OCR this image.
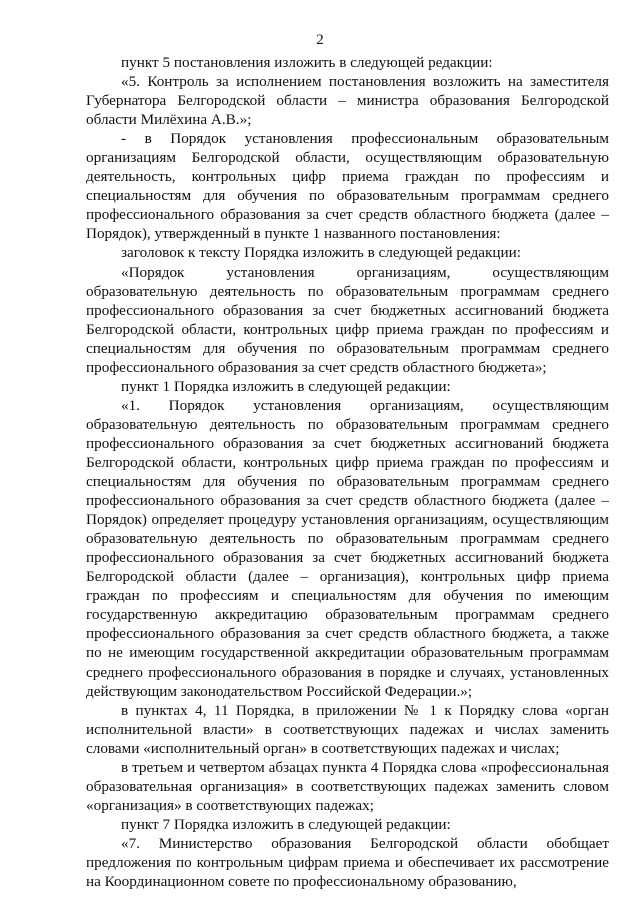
2

пункт 5 постановления изложить в следующей редакции:

«5. Контроль за исполнением постановления возложить на заместителя Губернатора Белгородской области – министра образования Белгородской области Милёхина А.В.»;

- в Порядок установления профессиональным образовательным организациям Белгородской области, осуществляющим образовательную деятельность, контрольных цифр приема граждан по профессиям и специальностям для обучения по образовательным программам среднего профессионального образования за счет средств областного бюджета (далее – Порядок), утвержденный в пункте 1 названного постановления:

заголовок к тексту Порядка изложить в следующей редакции:

«Порядок установления организациям, осуществляющим образовательную деятельность по образовательным программам среднего профессионального образования за счет бюджетных ассигнований бюджета Белгородской области, контрольных цифр приема граждан по профессиям и специальностям для обучения по образовательным программам среднего профессионального образования за счет средств областного бюджета»;

пункт 1 Порядка изложить в следующей редакции:

«1. Порядок установления организациям, осуществляющим образовательную деятельность по образовательным программам среднего профессионального образования за счет бюджетных ассигнований бюджета Белгородской области, контрольных цифр приема граждан по профессиям и специальностям для обучения по образовательным программам среднего профессионального образования за счет средств областного бюджета (далее – Порядок) определяет процедуру установления организациям, осуществляющим образовательную деятельность по образовательным программам среднего профессионального образования за счет бюджетных ассигнований бюджета Белгородской области (далее – организация), контрольных цифр приема граждан по профессиям и специальностям для обучения по имеющим государственную аккредитацию образовательным программам среднего профессионального образования за счет средств областного бюджета, а также по не имеющим государственной аккредитации образовательным программам среднего профессионального образования в порядке и случаях, установленных действующим законодательством Российской Федерации.»;

в пунктах 4, 11 Порядка, в приложении № 1 к Порядку слова «орган исполнительной власти» в соответствующих падежах и числах заменить словами «исполнительный орган» в соответствующих падежах и числах;

в третьем и четвертом абзацах пункта 4 Порядка слова «профессиональная образовательная организация» в соответствующих падежах заменить словом «организация» в соответствующих падежах;

пункт 7 Порядка изложить в следующей редакции:

«7. Министерство образования Белгородской области обобщает предложения по контрольным цифрам приема и обеспечивает их рассмотрение на Координационном совете по профессиональному образованию,
